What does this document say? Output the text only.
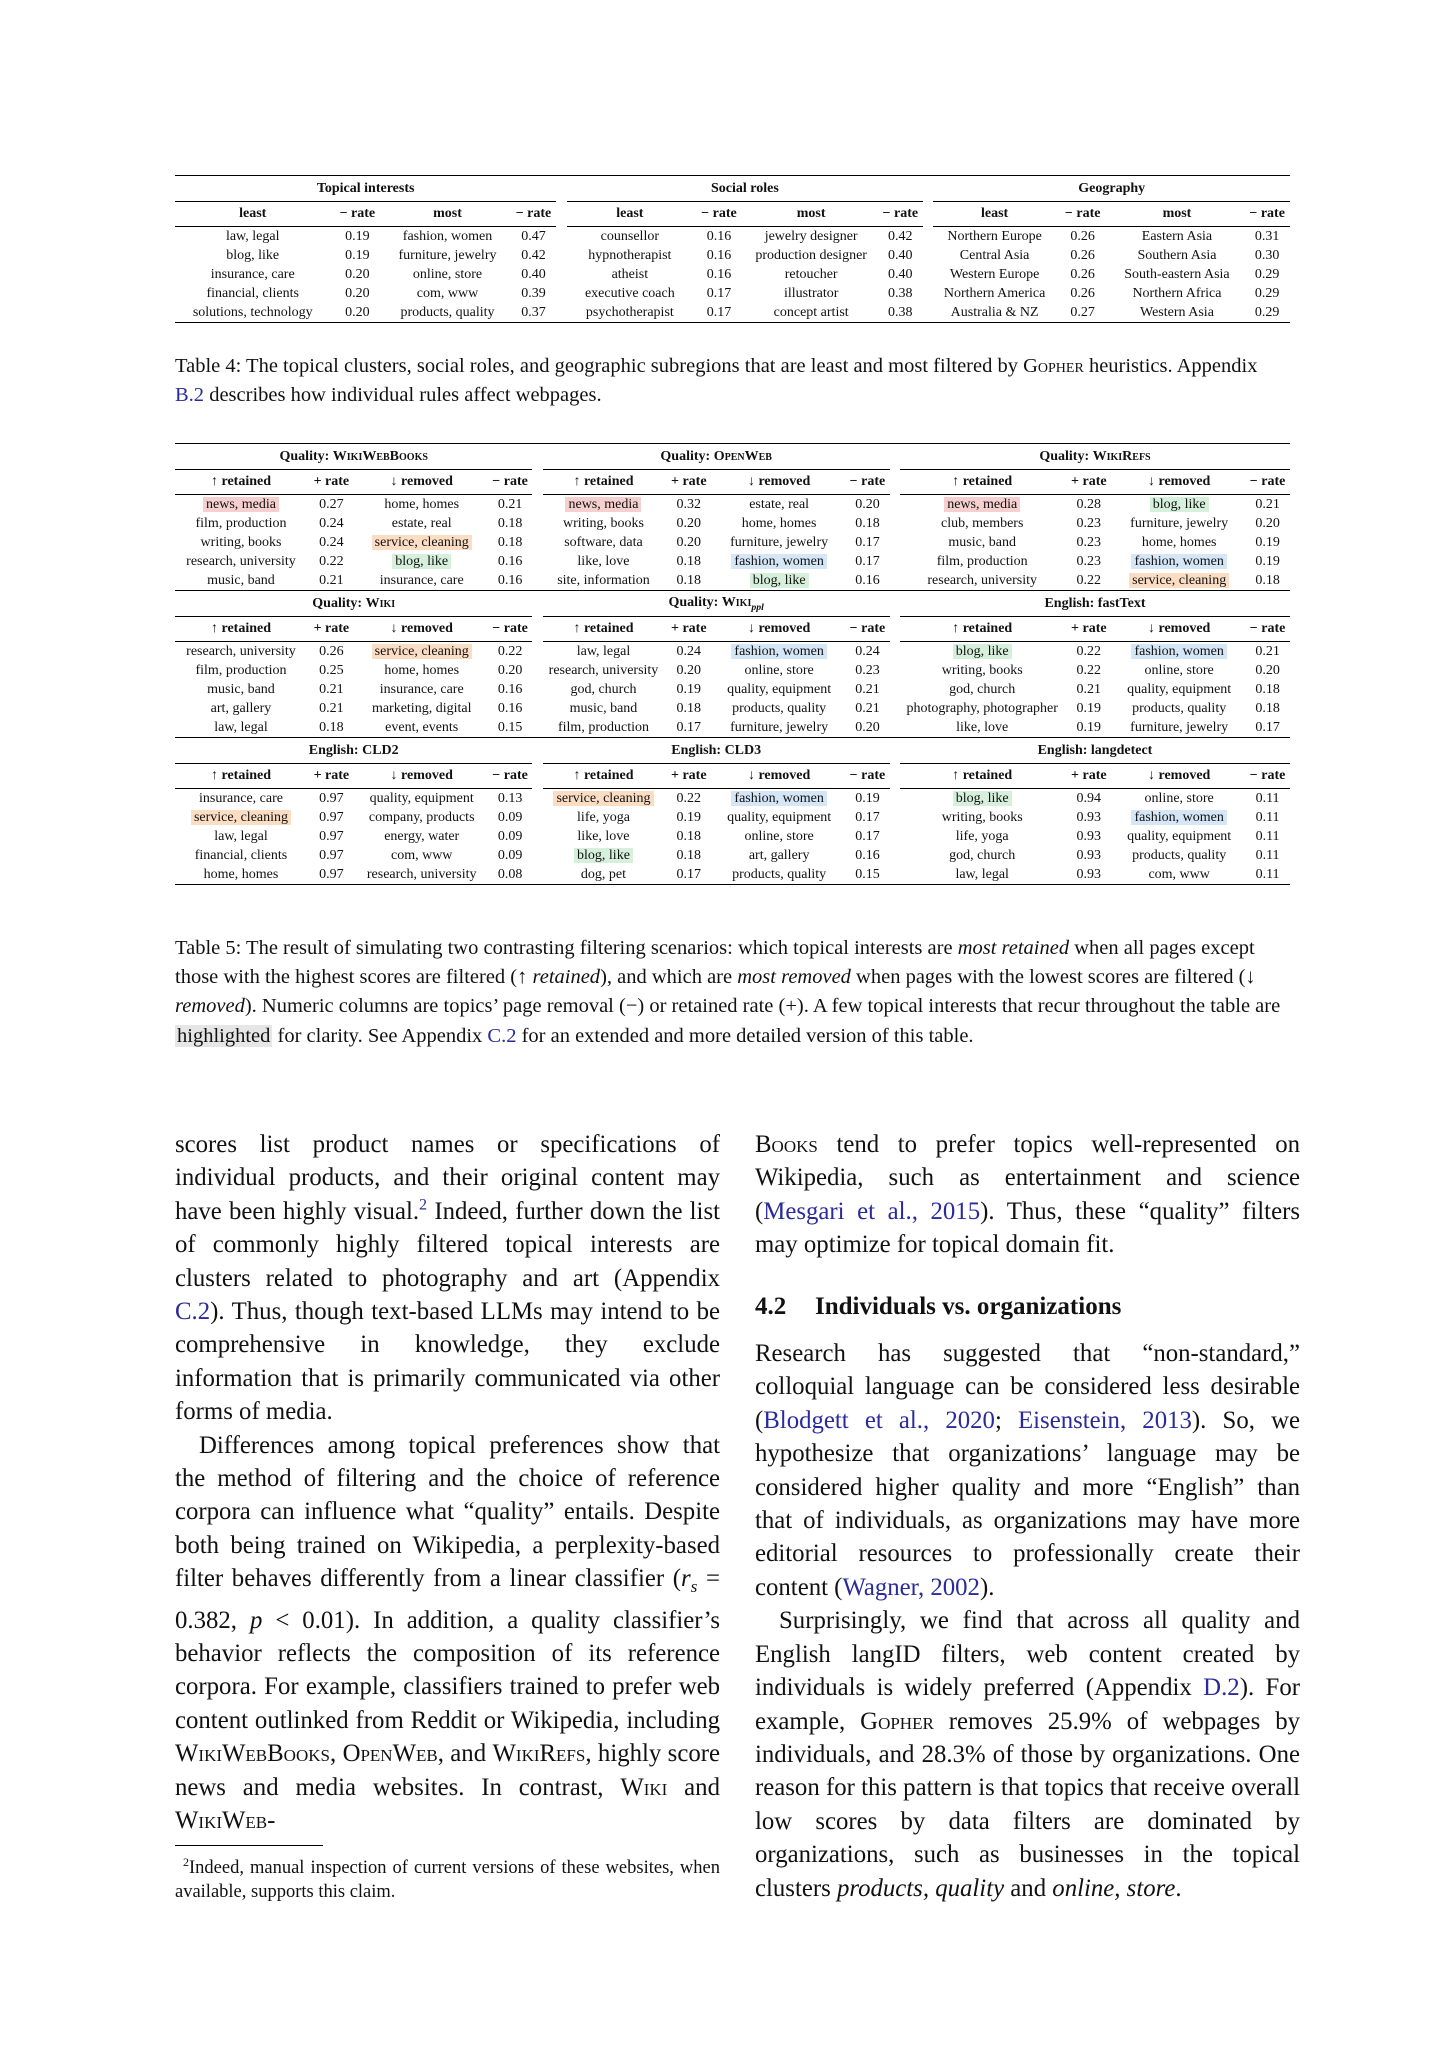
Topical interests					Social roles					Geography			
least	− rate	most	− rate		least	− rate	most	− rate		least	− rate	most	− rate
law, legal	0.19	fashion, women	0.47		counsellor	0.16	jewelry designer	0.42		Northern Europe	0.26	Eastern Asia	0.31
blog, like	0.19	furniture, jewelry	0.42		hypnotherapist	0.16	production designer	0.40		Central Asia	0.26	Southern Asia	0.30
insurance, care	0.20	online, store	0.40		atheist	0.16	retoucher	0.40		Western Europe	0.26	South-eastern Asia	0.29
financial, clients	0.20	com, www	0.39		executive coach	0.17	illustrator	0.38		Northern America	0.26	Northern Africa	0.29
solutions, technology	0.20	products, quality	0.37		psychotherapist	0.17	concept artist	0.38		Australia & NZ	0.27	Western Asia	0.29
Table 4: The topical clusters, social roles, and geographic subregions that are least and most filtered by Gopher heuristics. Appendix B.2 describes how individual rules affect webpages.
Quality: WikiWebBooks					Quality: OpenWeb					Quality: WikiRefs			
↑ retained	+ rate	↓ removed	− rate		↑ retained	+ rate	↓ removed	− rate		↑ retained	+ rate	↓ removed	− rate
news, media	0.27	home, homes	0.21		news, media	0.32	estate, real	0.20		news, media	0.28	blog, like	0.21
film, production	0.24	estate, real	0.18		writing, books	0.20	home, homes	0.18		club, members	0.23	furniture, jewelry	0.20
writing, books	0.24	service, cleaning	0.18		software, data	0.20	furniture, jewelry	0.17		music, band	0.23	home, homes	0.19
research, university	0.22	blog, like	0.16		like, love	0.18	fashion, women	0.17		film, production	0.23	fashion, women	0.19
music, band	0.21	insurance, care	0.16		site, information	0.18	blog, like	0.16		research, university	0.22	service, cleaning	0.18
Quality: Wiki					Quality: Wiki$_{ppl}$					English: fastText			
↑ retained	+ rate	↓ removed	− rate		↑ retained	+ rate	↓ removed	− rate		↑ retained	+ rate	↓ removed	− rate
research, university	0.26	service, cleaning	0.22		law, legal	0.24	fashion, women	0.24		blog, like	0.22	fashion, women	0.21
film, production	0.25	home, homes	0.20		research, university	0.20	online, store	0.23		writing, books	0.22	online, store	0.20
music, band	0.21	insurance, care	0.16		god, church	0.19	quality, equipment	0.21		god, church	0.21	quality, equipment	0.18
art, gallery	0.21	marketing, digital	0.16		music, band	0.18	products, quality	0.21		photography, photographer	0.19	products, quality	0.18
law, legal	0.18	event, events	0.15		film, production	0.17	furniture, jewelry	0.20		like, love	0.19	furniture, jewelry	0.17
English: CLD2					English: CLD3					English: langdetect			
↑ retained	+ rate	↓ removed	− rate		↑ retained	+ rate	↓ removed	− rate		↑ retained	+ rate	↓ removed	− rate
insurance, care	0.97	quality, equipment	0.13		service, cleaning	0.22	fashion, women	0.19		blog, like	0.94	online, store	0.11
service, cleaning	0.97	company, products	0.09		life, yoga	0.19	quality, equipment	0.17		writing, books	0.93	fashion, women	0.11
law, legal	0.97	energy, water	0.09		like, love	0.18	online, store	0.17		life, yoga	0.93	quality, equipment	0.11
financial, clients	0.97	com, www	0.09		blog, like	0.18	art, gallery	0.16		god, church	0.93	products, quality	0.11
home, homes	0.97	research, university	0.08		dog, pet	0.17	products, quality	0.15		law, legal	0.93	com, www	0.11
Table 5: The result of simulating two contrasting filtering scenarios: which topical interests are most retained when all pages except those with the highest scores are filtered (↑ retained), and which are most removed when pages with the lowest scores are filtered (↓ removed). Numeric columns are topics’ page removal (−) or retained rate (+). A few topical interests that recur throughout the table are highlighted for clarity. See Appendix C.2 for an extended and more detailed version of this table.

scores list product names or specifications of individual products, and their original content may have been highly visual.$^2$ Indeed, further down the list of commonly highly filtered topical interests are clusters related to photography and art (Appendix C.2). Thus, though text-based LLMs may intend to be comprehensive in knowledge, they exclude information that is primarily communicated via other forms of media.

Differences among topical preferences show that the method of filtering and the choice of reference corpora can influence what “quality” entails. Despite both being trained on Wikipedia, a perplexity-based filter behaves differently from a linear classifier ($r_s = 0.382$, p < 0.01). In addition, a quality classifier’s behavior reflects the composition of its reference corpora. For example, classifiers trained to prefer web content outlinked from Reddit or Wikipedia, including WikiWebBooks, OpenWeb, and WikiRefs, highly score news and media websites. In contrast, Wiki and WikiWeb-

$^2$Indeed, manual inspection of current versions of these websites, when available, supports this claim.

Books tend to prefer topics well-represented on Wikipedia, such as entertainment and science (Mesgari et al., 2015). Thus, these “quality” filters may optimize for topical domain fit.

4.2 Individuals vs. organizations

Research has suggested that “non-standard,” colloquial language can be considered less desirable (Blodgett et al., 2020; Eisenstein, 2013). So, we hypothesize that organizations’ language may be considered higher quality and more “English” than that of individuals, as organizations may have more editorial resources to professionally create their content (Wagner, 2002).

Surprisingly, we find that across all quality and English langID filters, web content created by individuals is widely preferred (Appendix D.2). For example, Gopher removes 25.9% of webpages by individuals, and 28.3% of those by organizations. One reason for this pattern is that topics that receive overall low scores by data filters are dominated by organizations, such as businesses in the topical clusters products, quality and online, store.
